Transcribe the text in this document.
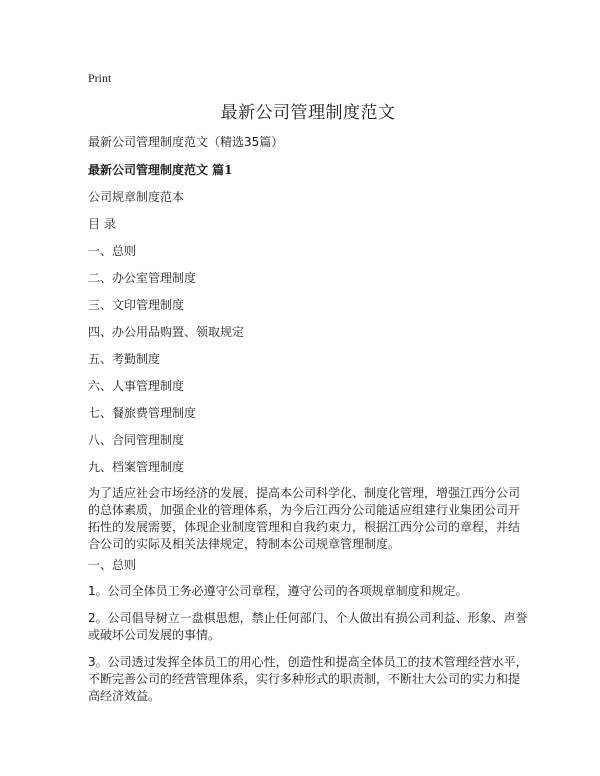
Print
最新公司管理制度范文
最新公司管理制度范文（精选35篇）
最新公司管理制度范文 篇1
公司规章制度范本
目 录
一、总则
二、办公室管理制度
三、文印管理制度
四、办公用品购置、领取规定
五、考勤制度
六、人事管理制度
七、餐旅费管理制度
八、合同管理制度
九、档案管理制度
为了适应社会市场经济的发展，提高本公司科学化、制度化管理，增强江西分公司的总体素质，加强企业的管理体系，为今后江西分公司能适应组建行业集团公司开拓性的发展需要，体现企业制度管理和自我约束力，根据江西分公司的章程，并结合公司的实际及相关法律规定，特制本公司规章管理制度。
一、总则
1。公司全体员工务必遵守公司章程，遵守公司的各项规章制度和规定。
2。公司倡导树立一盘棋思想，禁止任何部门、个人做出有损公司利益、形象、声誉或破坏公司发展的事情。
3。公司透过发挥全体员工的用心性，创造性和提高全体员工的技术管理经营水平，不断完善公司的经营管理体系，实行多种形式的职责制，不断壮大公司的实力和提高经济效益。
